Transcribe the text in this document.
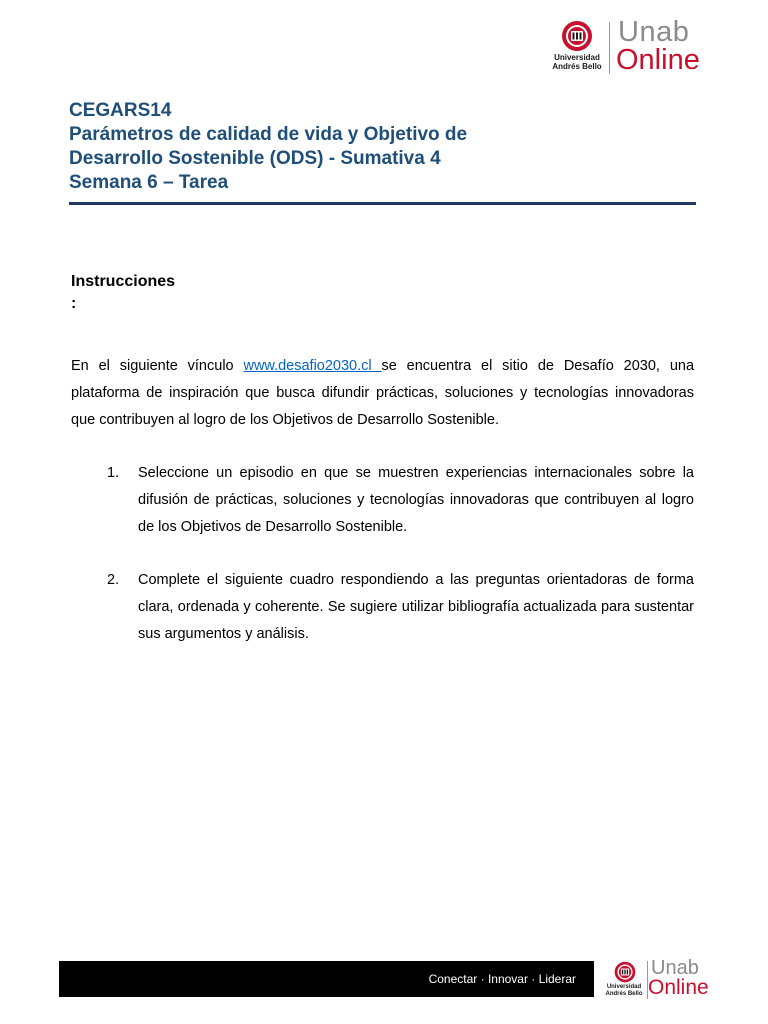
Universidad
Andrés Bello
Unab
Online
CEGARS14
Parámetros de calidad de vida y Objetivo de
Desarrollo Sostenible (ODS) - Sumativa 4
Semana 6 – Tarea
Instrucciones
:

En el siguiente vínculo www.desafio2030.cl se encuentra el sitio de Desafío 2030, una plataforma de inspiración que busca difundir prácticas, soluciones y tecnologías innovadoras que contribuyen al logro de los Objetivos de Desarrollo Sostenible.

1. Seleccione un episodio en que se muestren experiencias internacionales sobre la difusión de prácticas, soluciones y tecnologías innovadoras que contribuyen al logro de los Objetivos de Desarrollo Sostenible.
2. Complete el siguiente cuadro respondiendo a las preguntas orientadoras de forma clara, ordenada y coherente. Se sugiere utilizar bibliografía actualizada para sustentar sus argumentos y análisis.
Conectar · Innovar · Liderar
Universidad
Andrés Bello
Unab
Online
